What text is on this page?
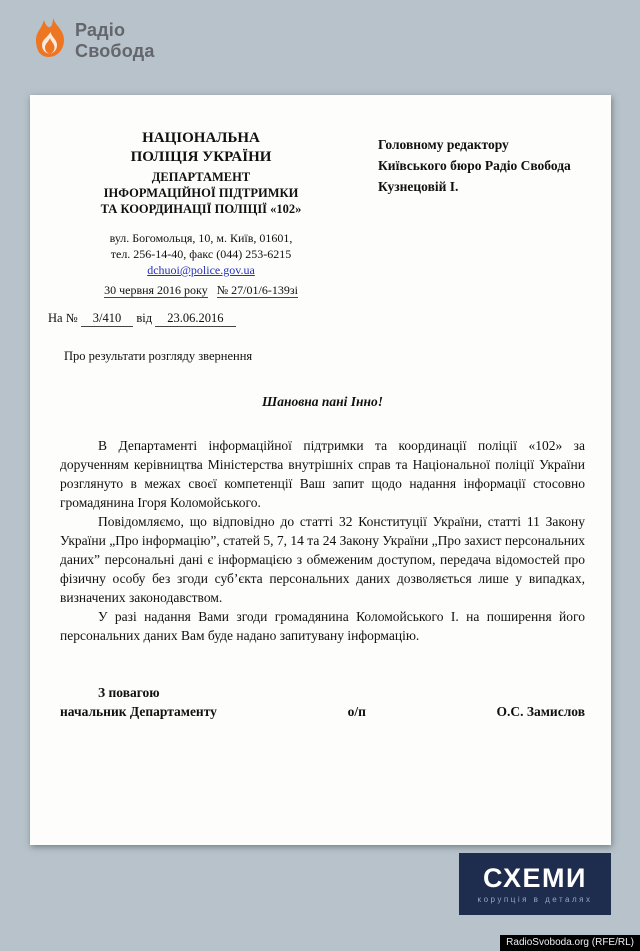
Радіо
Свобода
НАЦІОНАЛЬНА
ПОЛІЦІЯ УКРАЇНИ
ДЕПАРТАМЕНТ
ІНФОРМАЦІЙНОЇ ПІДТРИМКИ
ТА КООРДИНАЦІЇ ПОЛІЦІЇ «102»
вул. Богомольця, 10, м. Київ, 01601,
тел. 256-14-40, факс (044) 253-6215
dchuoi@police.gov.ua
30 червня 2016 року № 27/01/6-139зі
Головному редактору
Київського бюро Радіо Свобода
Кузнецовій І.
На № 3/410 від 23.06.2016
Про результати розгляду звернення
Шановна пані Інно!

В Департаменті інформаційної підтримки та координації поліції «102» за дорученням керівництва Міністерства внутрішніх справ та Національної поліції України розглянуто в межах своєї компетенції Ваш запит щодо надання інформації стосовно громадянина Ігоря Коломойського.

Повідомляємо, що відповідно до статті 32 Конституції України, статті 11 Закону України „Про інформацію”, статей 5, 7, 14 та 24 Закону України „Про захист персональних даних” персональні дані є інформацією з обмеженим доступом, передача відомостей про фізичну особу без згоди суб’єкта персональних даних дозволяється лише у випадках, визначених законодавством.

У разі надання Вами згоди громадянина Коломойського І. на поширення його персональних даних Вам буде надано запитувану інформацію.

З повагою
начальник Департаменту	о/п	О.С. Замислов
СХЕМИ
корупція в деталях
RadioSvoboda.org (RFE/RL)
